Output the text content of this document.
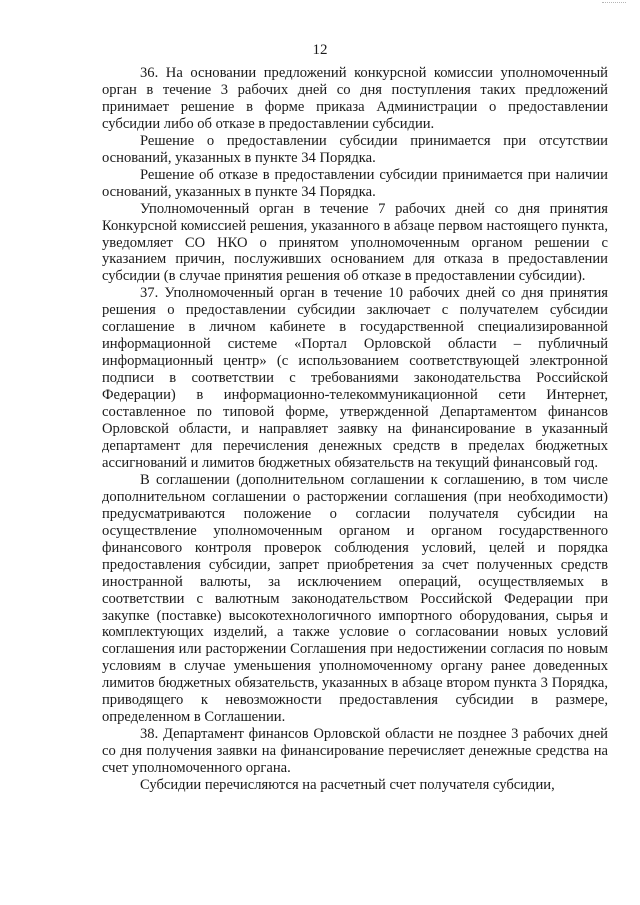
12

36. На основании предложений конкурсной комиссии уполномоченный орган в течение 3 рабочих дней со дня поступления таких предложений принимает решение в форме приказа Администрации о предоставлении субсидии либо об отказе в предоставлении субсидии.

Решение о предоставлении субсидии принимается при отсутствии оснований, указанных в пункте 34 Порядка.

Решение об отказе в предоставлении субсидии принимается при наличии оснований, указанных в пункте 34 Порядка.

Уполномоченный орган в течение 7 рабочих дней со дня принятия Конкурсной комиссией решения, указанного в абзаце первом настоящего пункта, уведомляет СО НКО о принятом уполномоченным органом решении с указанием причин, послуживших основанием для отказа в предоставлении субсидии (в случае принятия решения об отказе в предоставлении субсидии).

37. Уполномоченный орган в течение 10 рабочих дней со дня принятия решения о предоставлении субсидии заключает с получателем субсидии соглашение в личном кабинете в государственной специализированной информационной системе «Портал Орловской области – публичный информационный центр» (с использованием соответствующей электронной подписи в соответствии с требованиями законодательства Российской Федерации) в информационно-телекоммуникационной сети Интернет, составленное по типовой форме, утвержденной Департаментом финансов Орловской области, и направляет заявку на финансирование в указанный департамент для перечисления денежных средств в пределах бюджетных ассигнований и лимитов бюджетных обязательств на текущий финансовый год.

В соглашении (дополнительном соглашении к соглашению, в том числе дополнительном соглашении о расторжении соглашения (при необходимости) предусматриваются положение о согласии получателя субсидии на осуществление уполномоченным органом и органом государственного финансового контроля проверок соблюдения условий, целей и порядка предоставления субсидии, запрет приобретения за счет полученных средств иностранной валюты, за исключением операций, осуществляемых в соответствии с валютным законодательством Российской Федерации при закупке (поставке) высокотехнологичного импортного оборудования, сырья и комплектующих изделий, а также условие о согласовании новых условий соглашения или расторжении Соглашения при недостижении согласия по новым условиям в случае уменьшения уполномоченному органу ранее доведенных лимитов бюджетных обязательств, указанных в абзаце втором пункта 3 Порядка, приводящего к невозможности предоставления субсидии в размере, определенном в Соглашении.

38. Департамент финансов Орловской области не позднее 3 рабочих дней со дня получения заявки на финансирование перечисляет денежные средства на счет уполномоченного органа.

Субсидии перечисляются на расчетный счет получателя субсидии,
